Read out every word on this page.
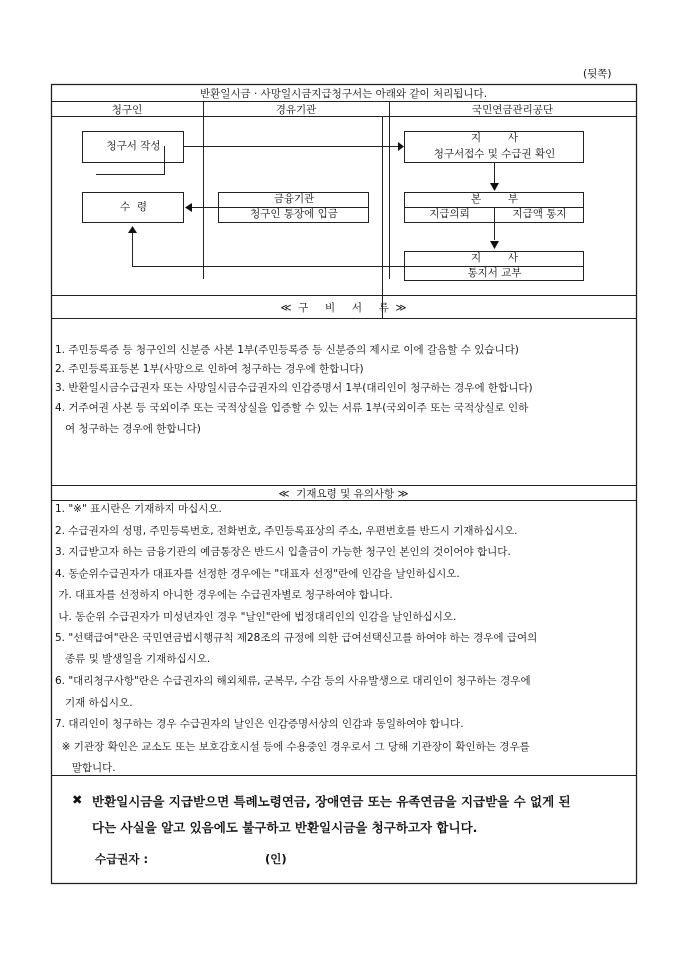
(뒷쪽)
반환일시금 · 사망일시금지급청구서는 아래와 같이 처리됩니다.
청구인	경유기관	국민연금관리공단
청구서 작성
수  령
금융기관
청구인 통장에 입금
지        사
청구서접수 및 수급권 확인
본        부
지급의뢰	지급액 통지
지        사
통지서 교부
≪  구     비     서     류  ≫
1. 주민등록증 등 청구인의 신분증 사본 1부(주민등록증 등 신분증의 제시로 이에 갈음할 수 있습니다)
2. 주민등록표등본 1부(사망으로 인하여 청구하는 경우에 한합니다)
3. 반환일시금수급권자 또는 사망일시금수급권자의 인감증명서 1부(대리인이 청구하는 경우에 한합니다)
4. 거주여권 사본 등 국외이주 또는 국적상실을 입증할 수 있는 서류 1부(국외이주 또는 국적상실로 인하
여 청구하는 경우에 한합니다)
≪  기재요령 및 유의사항 ≫
1. "※" 표시란은 기재하지 마십시오.
2. 수급권자의 성명, 주민등록번호, 전화번호, 주민등록표상의 주소, 우편번호를 반드시 기재하십시오.
3. 지급받고자 하는 금융기관의 예금통장은 반드시 입출금이 가능한 청구인 본인의 것이어야 합니다.
4. 동순위수급권자가 대표자를 선정한 경우에는 "대표자 선정"란에 인감을 날인하십시오.
가. 대표자를 선정하지 아니한 경우에는 수급권자별로 청구하여야 합니다.
나. 동순위 수급권자가 미성년자인 경우 "날인"란에 법정대리인의 인감을 날인하십시오.
5. "선택급여"란은 국민연금법시행규칙 제28조의 규정에 의한 급여선택신고를 하여야 하는 경우에 급여의
종류 및 발생일을 기재하십시오.
6. "대리청구사항"란은 수급권자의 해외체류, 군복무, 수감 등의 사유발생으로 대리인이 청구하는 경우에
기재 하십시오.
7. 대리인이 청구하는 경우 수급권자의 날인은 인감증명서상의 인감과 동일하여야 합니다.
※ 기관장 확인은 교소도 또는 보호감호시설 등에 수용중인 경우로서 그 당해 기관장이 확인하는 경우를
말합니다.
✖ 반환일시금을 지급받으면 특례노령연금, 장애연금 또는 유족연금을 지급받을 수 없게 된
다는 사실을 알고 있음에도 불구하고 반환일시금을 청구하고자 합니다.
수급권자 :	(인)
